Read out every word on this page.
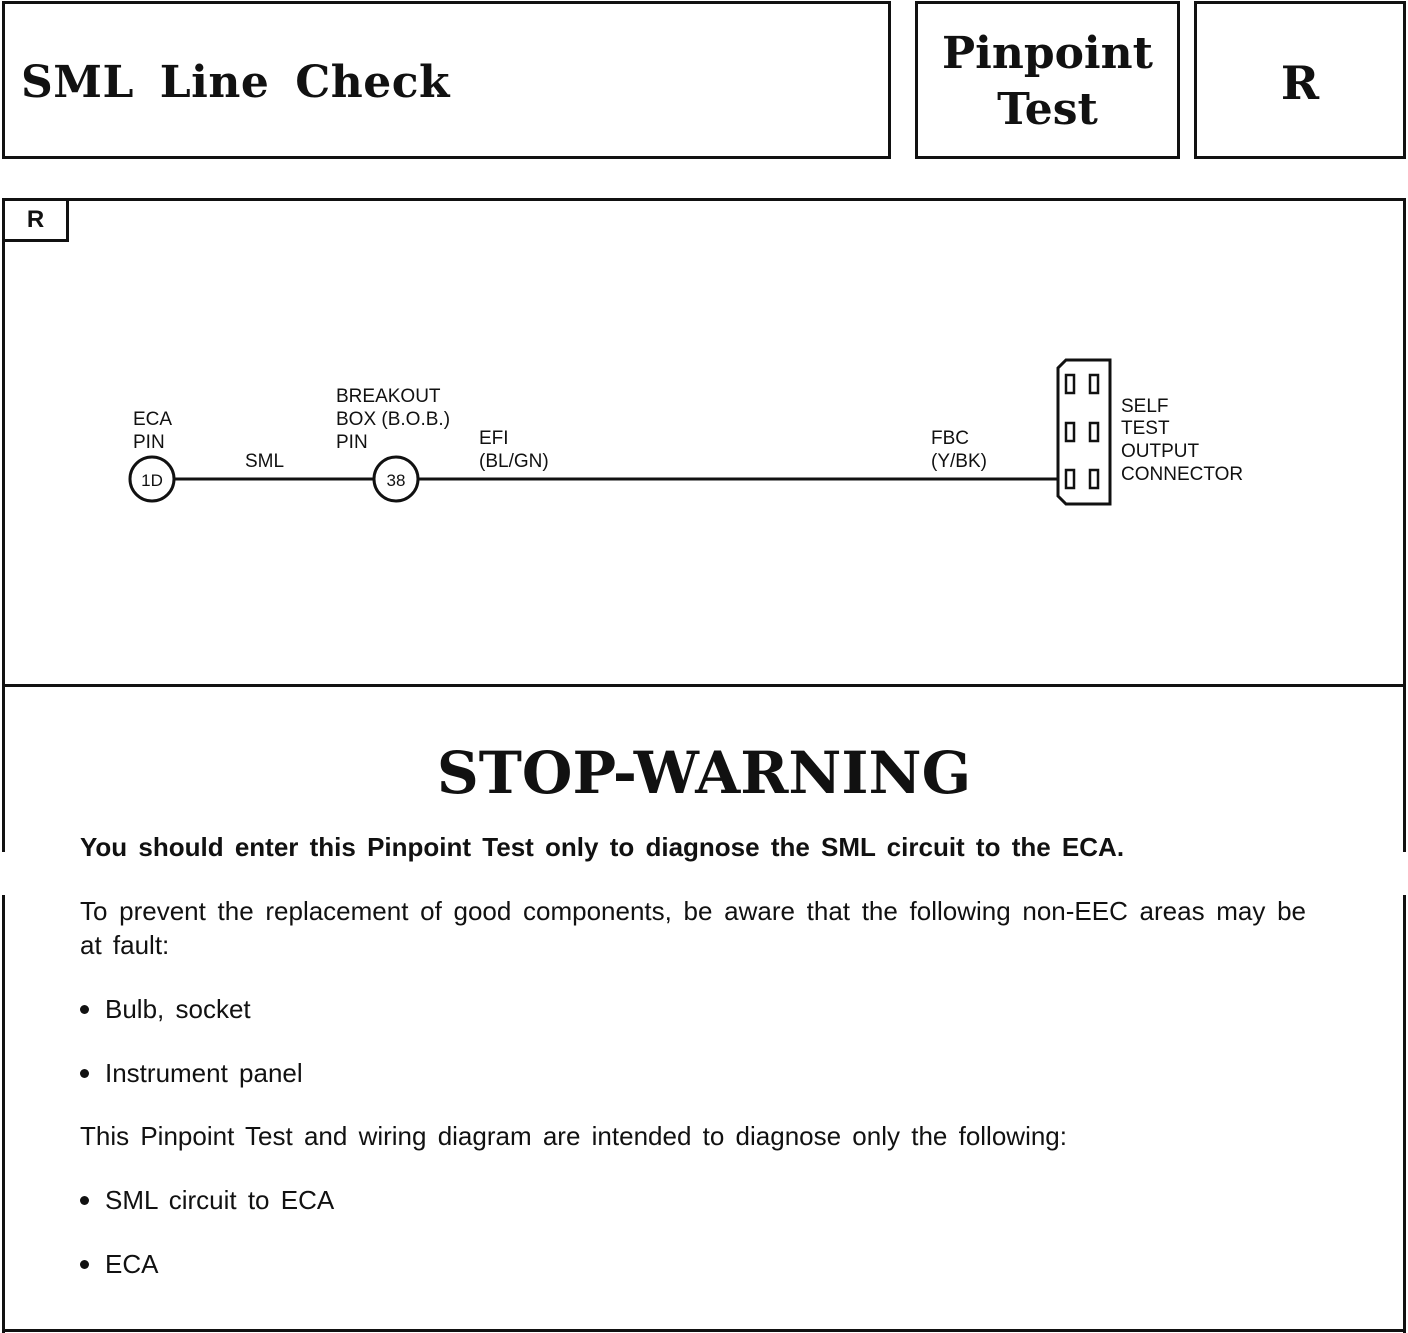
SML Line Check
Pinpoint
Test	R
R
1D
ECA
PIN
SML
38
BREAKOUT
BOX (B.O.B.)
PIN	EFI
(BL/GN)
FBC
(Y/BK)
SELF
TEST
OUTPUT
CONNECTOR
STOP-WARNING
You should enter this Pinpoint Test only to diagnose the SML circuit to the ECA.
To prevent the replacement of good components, be aware that the following non-EEC areas may be at fault:
Bulb, socket
Instrument panel
This Pinpoint Test and wiring diagram are intended to diagnose only the following:
SML circuit to ECA
ECA
